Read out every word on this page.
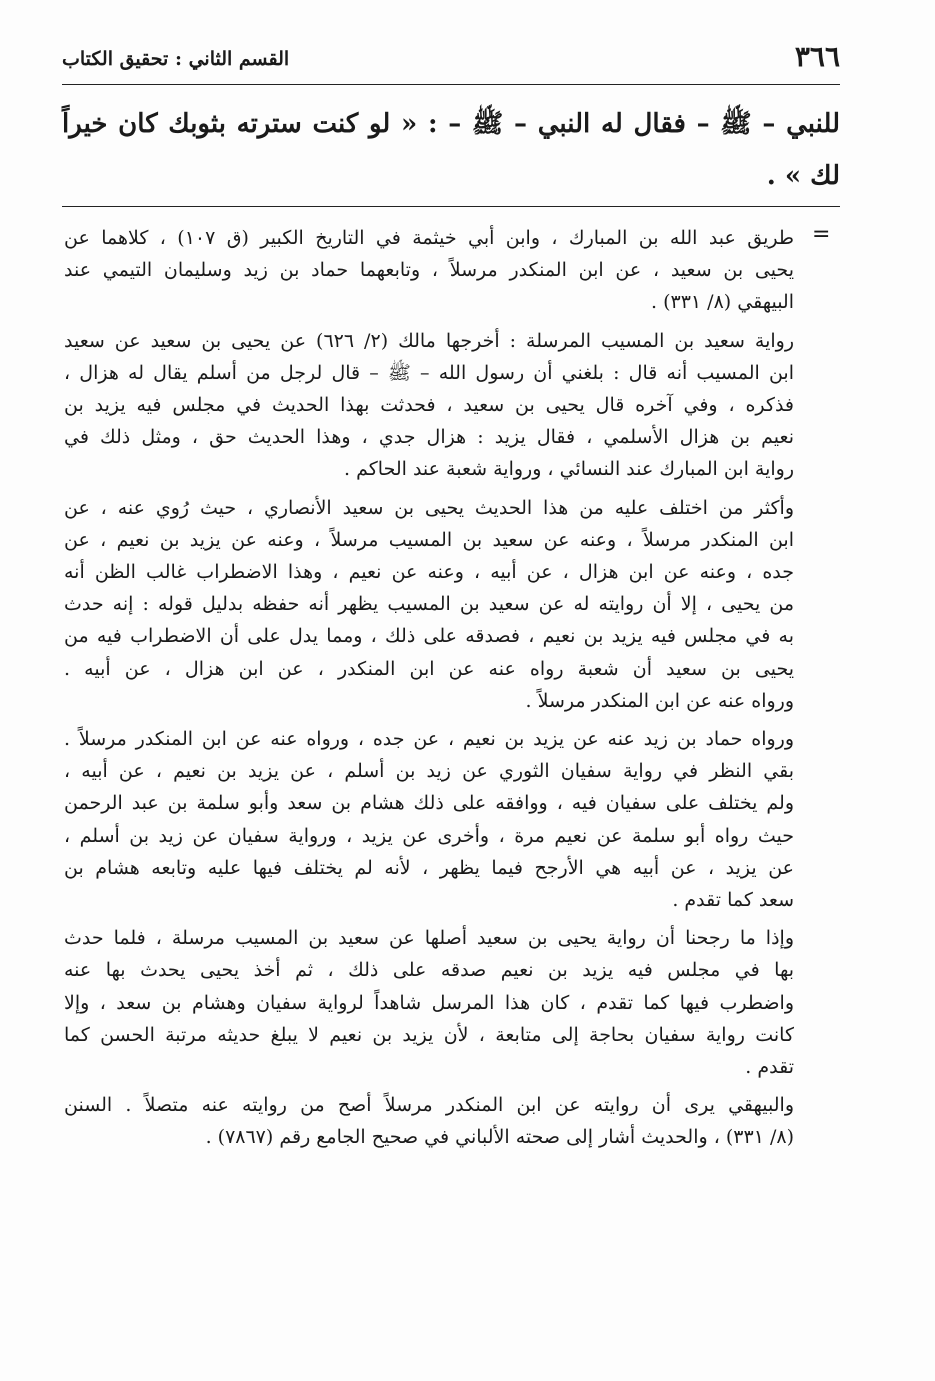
٣٦٦
القسم الثاني : تحقيق الكتاب
للنبي – ﷺ – فقال له النبي – ﷺ – : « لو كنت سترته بثوبك كان خيراً
لك » .
=
طريق عبد الله بن المبارك ، وابن أبي خيثمة في التاريخ الكبير (ق ١٠٧) ، كلاهما عن
يحيى بن سعيد ، عن ابن المنكدر مرسلاً ، وتابعهما حماد بن زيد وسليمان التيمي عند
البيهقي (٨/ ٣٣١) .
رواية سعيد بن المسيب المرسلة : أخرجها مالك (٢/ ٦٢٦) عن يحيى بن سعيد عن سعيد
ابن المسيب أنه قال : بلغني أن رسول الله – ﷺ – قال لرجل من أسلم يقال له هزال ،
فذكره ، وفي آخره قال يحيى بن سعيد ، فحدثت بهذا الحديث في مجلس فيه يزيد بن
نعيم بن هزال الأسلمي ، فقال يزيد : هزال جدي ، وهذا الحديث حق ، ومثل ذلك في
رواية ابن المبارك عند النسائي ، ورواية شعبة عند الحاكم .
وأكثر من اختلف عليه من هذا الحديث يحيى بن سعيد الأنصاري ، حيث رُوي عنه ، عن
ابن المنكدر مرسلاً ، وعنه عن سعيد بن المسيب مرسلاً ، وعنه عن يزيد بن نعيم ، عن
جده ، وعنه عن ابن هزال ، عن أبيه ، وعنه عن نعيم ، وهذا الاضطراب غالب الظن أنه
من يحيى ، إلا أن روايته له عن سعيد بن المسيب يظهر أنه حفظه بدليل قوله : إنه حدث
به في مجلس فيه يزيد بن نعيم ، فصدقه على ذلك ، ومما يدل على أن الاضطراب فيه من
يحيى بن سعيد أن شعبة رواه عنه عن ابن المنكدر ، عن ابن هزال ، عن أبيه .
ورواه عنه عن ابن المنكدر مرسلاً .
ورواه حماد بن زيد عنه عن يزيد بن نعيم ، عن جده ، ورواه عنه عن ابن المنكدر مرسلاً .
بقي النظر في رواية سفيان الثوري عن زيد بن أسلم ، عن يزيد بن نعيم ، عن أبيه ،
ولم يختلف على سفيان فيه ، ووافقه على ذلك هشام بن سعد وأبو سلمة بن عبد الرحمن
حيث رواه أبو سلمة عن نعيم مرة ، وأخرى عن يزيد ، ورواية سفيان عن زيد بن أسلم ،
عن يزيد ، عن أبيه هي الأرجح فيما يظهر ، لأنه لم يختلف فيها عليه وتابعه هشام بن
سعد كما تقدم .
وإذا ما رجحنا أن رواية يحيى بن سعيد أصلها عن سعيد بن المسيب مرسلة ، فلما حدث
بها في مجلس فيه يزيد بن نعيم صدقه على ذلك ، ثم أخذ يحيى يحدث بها عنه
واضطرب فيها كما تقدم ، كان هذا المرسل شاهداً لرواية سفيان وهشام بن سعد ، وإلا
كانت رواية سفيان بحاجة إلى متابعة ، لأن يزيد بن نعيم لا يبلغ حديثه مرتبة الحسن كما
تقدم .
والبيهقي يرى أن روايته عن ابن المنكدر مرسلاً أصح من روايته عنه متصلاً . السنن
(٨/ ٣٣١) ، والحديث أشار إلى صحته الألباني في صحيح الجامع رقم (٧٨٦٧) .
